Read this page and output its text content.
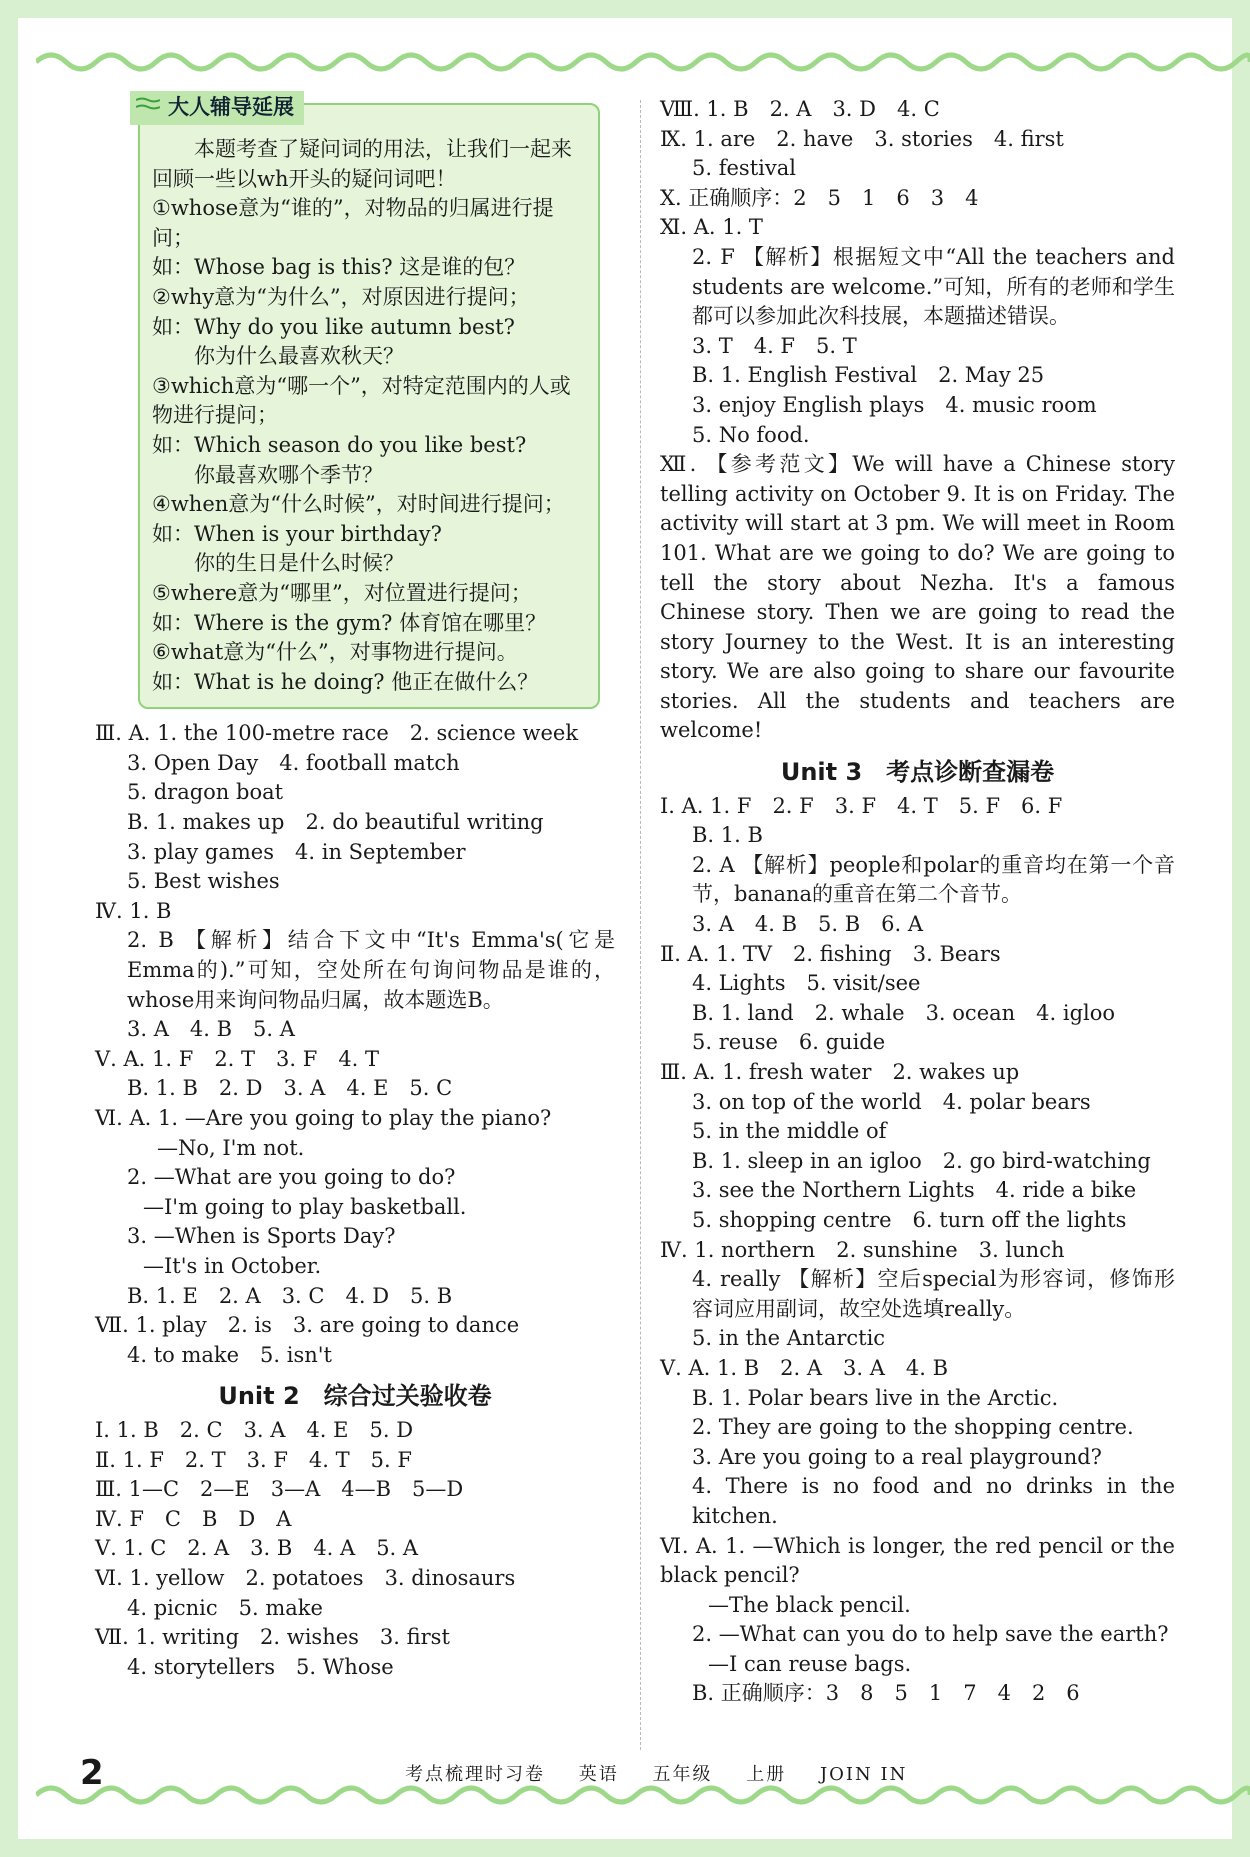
大人辅导延展

　　本题考查了疑问词的用法，让我们一起来回顾一些以wh开头的疑问词吧！

①whose意为“谁的”，对物品的归属进行提问；

如：Whose bag is this? 这是谁的包？

②why意为“为什么”，对原因进行提问；

如：Why do you like autumn best?

　　你为什么最喜欢秋天？

③which意为“哪一个”，对特定范围内的人或物进行提问；

如：Which season do you like best?

　　你最喜欢哪个季节？

④when意为“什么时候”，对时间进行提问；

如：When is your birthday?

　　你的生日是什么时候？

⑤where意为“哪里”，对位置进行提问；

如：Where is the gym? 体育馆在哪里？

⑥what意为“什么”，对事物进行提问。

如：What is he doing? 他正在做什么？

Ⅲ. A. 1. the 100-metre race　2. science week
3. Open Day　4. football match
5. dragon boat
B. 1. makes up　2. do beautiful writing
3. play games　4. in September
5. Best wishes
Ⅳ. 1. B
2. B 【解析】结合下文中“It's Emma's(它是Emma的).”可知，空处所在句询问物品是谁的，whose用来询问物品归属，故本题选B。
3. A　4. B　5. A
Ⅴ. A. 1. F　2. T　3. F　4. T
B. 1. B　2. D　3. A　4. E　5. C
Ⅵ. A. 1. —Are you going to play the piano?
—No, I'm not.
2. —What are you going to do?
—I'm going to play basketball.
3. —When is Sports Day?
—It's in October.
B. 1. E　2. A　3. C　4. D　5. B
Ⅶ. 1. play　2. is　3. are going to dance
4. to make　5. isn't
Unit 2　综合过关验收卷
Ⅰ. 1. B　2. C　3. A　4. E　5. D
Ⅱ. 1. F　2. T　3. F　4. T　5. F
Ⅲ. 1—C　2—E　3—A　4—B　5—D
Ⅳ. F　C　B　D　A
Ⅴ. 1. C　2. A　3. B　4. A　5. A
Ⅵ. 1. yellow　2. potatoes　3. dinosaurs
4. picnic　5. make
Ⅶ. 1. writing　2. wishes　3. first
4. storytellers　5. Whose
Ⅷ. 1. B　2. A　3. D　4. C
Ⅸ. 1. are　2. have　3. stories　4. first
5. festival
Ⅹ. 正确顺序：2　5　1　6　3　4
Ⅺ. A. 1. T
2. F 【解析】根据短文中“All the teachers and students are welcome.”可知，所有的老师和学生都可以参加此次科技展，本题描述错误。
3. T　4. F　5. T
B. 1. English Festival　2. May 25
3. enjoy English plays　4. music room
5. No food.
Ⅻ. 【参考范文】We will have a Chinese story telling activity on October 9. It is on Friday. The activity will start at 3 pm. We will meet in Room 101. What are we going to do? We are going to tell the story about Nezha. It's a famous Chinese story. Then we are going to read the story Journey to the West. It is an interesting story. We are also going to share our favourite stories. All the students and teachers are welcome!
Unit 3　考点诊断查漏卷
Ⅰ. A. 1. F　2. F　3. F　4. T　5. F　6. F
B. 1. B
2. A 【解析】people和polar的重音均在第一个音节，banana的重音在第二个音节。
3. A　4. B　5. B　6. A
Ⅱ. A. 1. TV　2. fishing　3. Bears
4. Lights　5. visit/see
B. 1. land　2. whale　3. ocean　4. igloo
5. reuse　6. guide
Ⅲ. A. 1. fresh water　2. wakes up
3. on top of the world　4. polar bears
5. in the middle of
B. 1. sleep in an igloo　2. go bird-watching
3. see the Northern Lights　4. ride a bike
5. shopping centre　6. turn off the lights
Ⅳ. 1. northern　2. sunshine　3. lunch
4. really 【解析】空后special为形容词，修饰形容词应用副词，故空处选填really。
5. in the Antarctic
Ⅴ. A. 1. B　2. A　3. A　4. B
B. 1. Polar bears live in the Arctic.
2. They are going to the shopping centre.
3. Are you going to a real playground?
4. There is no food and no drinks in the kitchen.
Ⅵ. A. 1. —Which is longer, the red pencil or the black pencil?
—The black pencil.
2. —What can you do to help save the earth?
—I can reuse bags.
B. 正确顺序：3　8　5　1　7　4　2　6
2	考点梳理时习卷 英语 五年级 上册 JOIN IN
